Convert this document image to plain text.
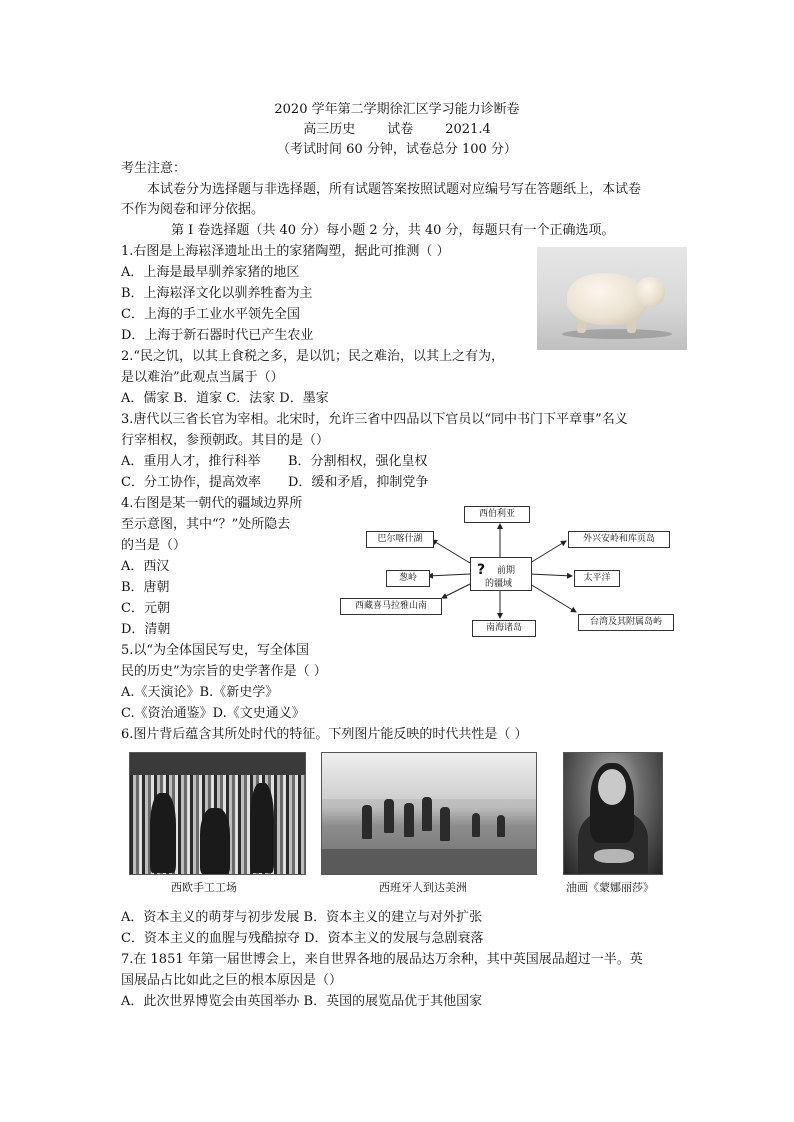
2020 学年第二学期徐汇区学习能力诊断卷
高三历史 试卷 2021.4
（考试时间 60 分钟，试卷总分 100 分）
考生注意：
本试卷分为选择题与非选择题，所有试题答案按照试题对应编号写在答题纸上，本试卷
不作为阅卷和评分依据。
第 I 卷选择题（共 40 分）每小题 2 分，共 40 分，每题只有一个正确选项。
1.右图是上海崧泽遗址出土的家猪陶塑，据此可推测（ ）
A．上海是最早驯养家猪的地区
B．上海崧泽文化以驯养牲畜为主
C．上海的手工业水平领先全国
D．上海于新石器时代已产生农业
2.“民之饥，以其上食税之多，是以饥；民之难治，以其上之有为，
是以难治”此观点当属于（）
A．儒家 B．道家 C．法家 D．墨家
3.唐代以三省长官为宰相。北宋时，允许三省中四品以下官员以“同中书门下平章事”名义
行宰相权，参预朝政。其目的是（）
A．重用人才，推行科举 B．分割相权，强化皇权
C．分工协作，提高效率 D．缓和矛盾，抑制党争
4.右图是某一朝代的疆域边界所
至示意图，其中“？”处所隐去
的当是（）
A．西汉
B．唐朝
C．元朝
D．清朝
西伯利亚
巴尔喀什湖
葱岭
西藏喜马拉雅山南
南海诸岛
外兴安岭和库页岛
太平洋
台湾及其附属岛屿
? 前期
的疆域
5.以“为全体国民写史，写全体国
民的历史”为宗旨的史学著作是（ ）
A.《天演论》B.《新史学》
C.《资治通鉴》D.《文史通义》
6.图片背后蕴含其所处时代的特征。下列图片能反映的时代共性是（ ）
西欧手工工场	西班牙人到达美洲	油画《蒙娜丽莎》
A．资本主义的萌芽与初步发展 B．资本主义的建立与对外扩张
C．资本主义的血腥与残酷掠夺 D．资本主义的发展与急剧衰落
7.在 1851 年第一届世博会上，来自世界各地的展品达万余种，其中英国展品超过一半。英
国展品占比如此之巨的根本原因是（）
A．此次世界博览会由英国举办 B．英国的展览品优于其他国家
